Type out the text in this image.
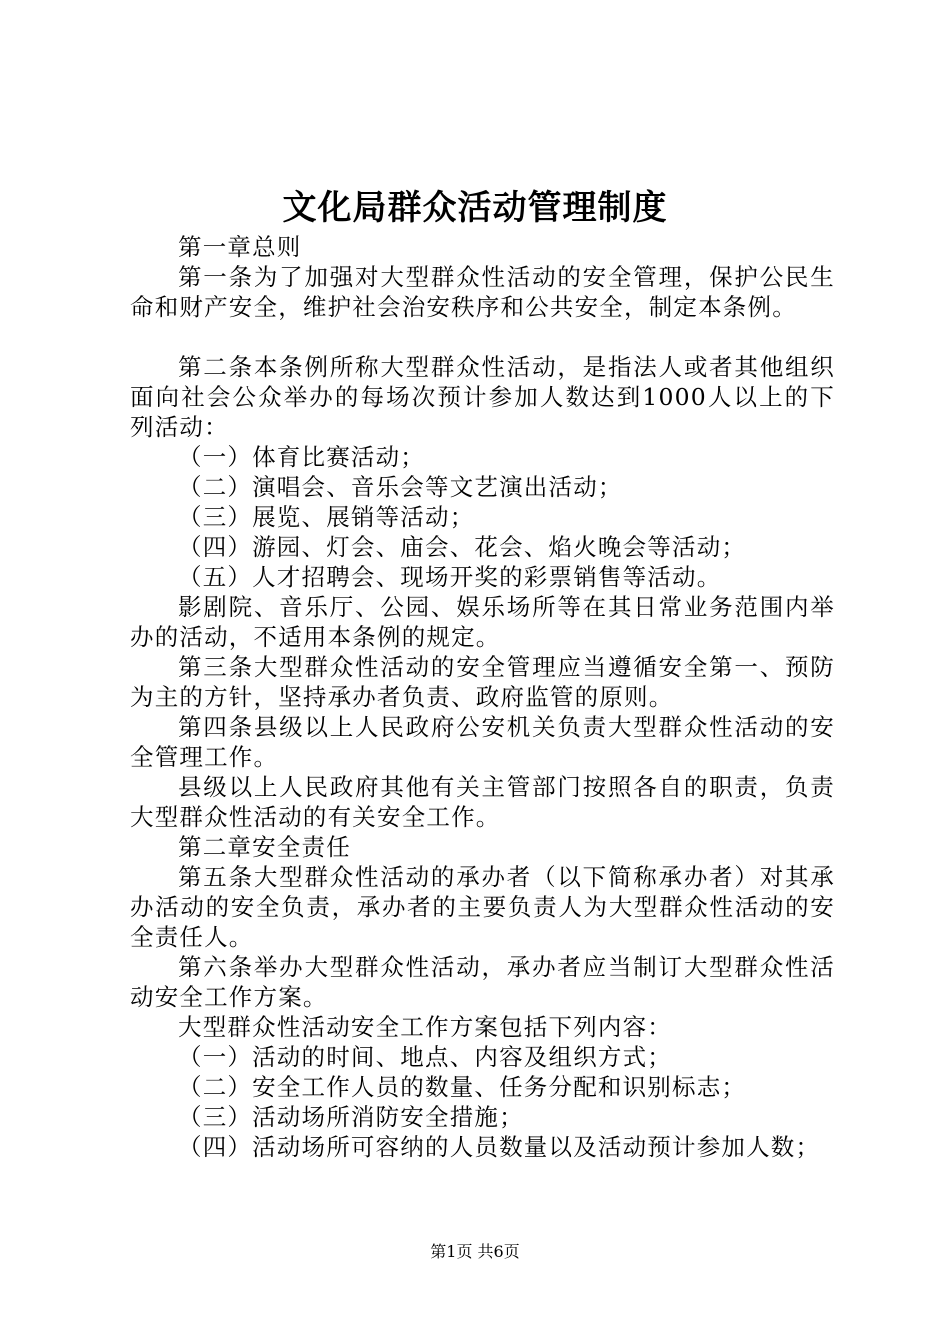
文化局群众活动管理制度

第一章总则

第一条为了加强对大型群众性活动的安全管理，保护公民生命和财产安全，维护社会治安秩序和公共安全，制定本条例。

第二条本条例所称大型群众性活动，是指法人或者其他组织面向社会公众举办的每场次预计参加人数达到1000人以上的下列活动：

（一）体育比赛活动；

（二）演唱会、音乐会等文艺演出活动；

（三）展览、展销等活动；

（四）游园、灯会、庙会、花会、焰火晚会等活动；

（五）人才招聘会、现场开奖的彩票销售等活动。

影剧院、音乐厅、公园、娱乐场所等在其日常业务范围内举办的活动，不适用本条例的规定。

第三条大型群众性活动的安全管理应当遵循安全第一、预防为主的方针，坚持承办者负责、政府监管的原则。

第四条县级以上人民政府公安机关负责大型群众性活动的安全管理工作。

县级以上人民政府其他有关主管部门按照各自的职责，负责大型群众性活动的有关安全工作。

第二章安全责任

第五条大型群众性活动的承办者（以下简称承办者）对其承办活动的安全负责，承办者的主要负责人为大型群众性活动的安全责任人。

第六条举办大型群众性活动，承办者应当制订大型群众性活动安全工作方案。

大型群众性活动安全工作方案包括下列内容：

（一）活动的时间、地点、内容及组织方式；

（二）安全工作人员的数量、任务分配和识别标志；

（三）活动场所消防安全措施；

（四）活动场所可容纳的人员数量以及活动预计参加人数；

第1页 共6页
